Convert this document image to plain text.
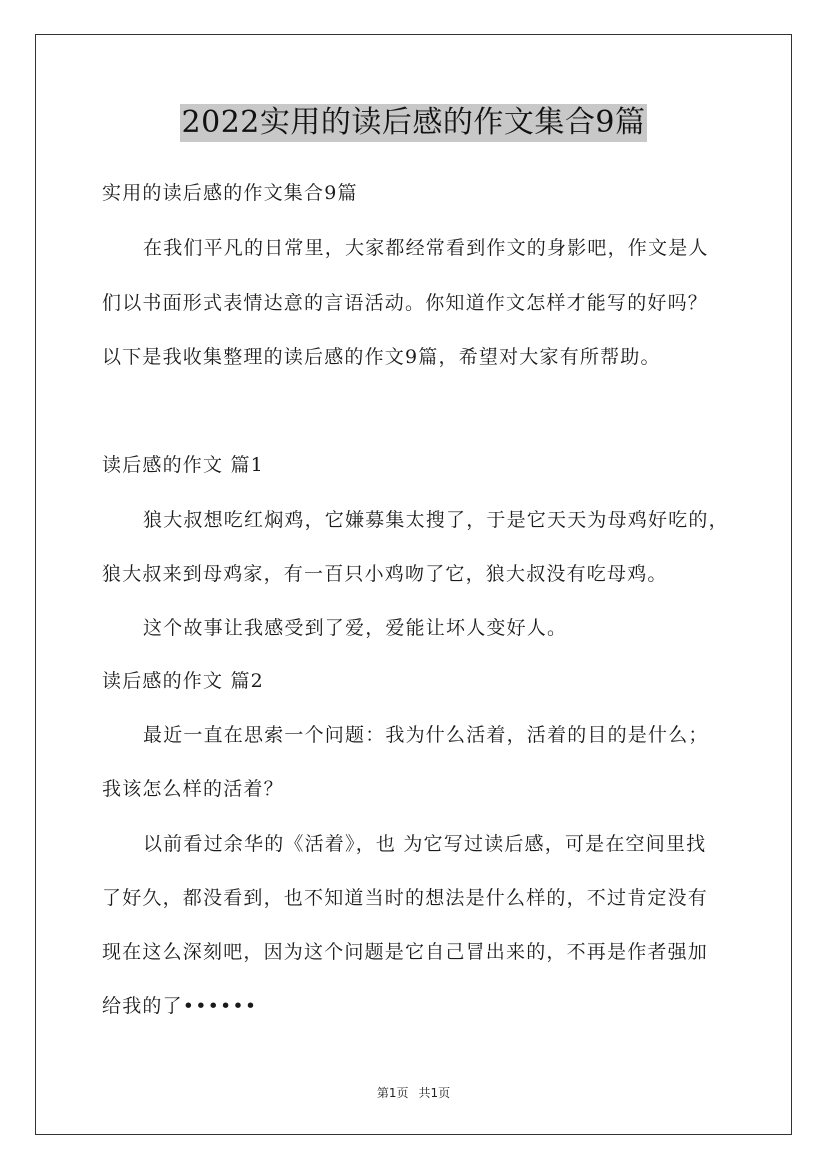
2022实用的读后感的作文集合9篇
实用的读后感的作文集合9篇
在我们平凡的日常里，大家都经常看到作文的身影吧，作文是人
们以书面形式表情达意的言语活动。你知道作文怎样才能写的好吗？
以下是我收集整理的读后感的作文9篇，希望对大家有所帮助。
读后感的作文 篇1
狼大叔想吃红焖鸡，它嫌募集太搜了，于是它天天为母鸡好吃的，
狼大叔来到母鸡家，有一百只小鸡吻了它，狼大叔没有吃母鸡。
这个故事让我感受到了爱，爱能让坏人变好人。
读后感的作文 篇2
最近一直在思索一个问题：我为什么活着，活着的目的是什么；
我该怎么样的活着？
以前看过余华的《活着》，也 为它写过读后感，可是在空间里找
了好久，都没看到，也不知道当时的想法是什么样的，不过肯定没有
现在这么深刻吧，因为这个问题是它自己冒出来的，不再是作者强加
给我的了••••••
第1页 共1页
